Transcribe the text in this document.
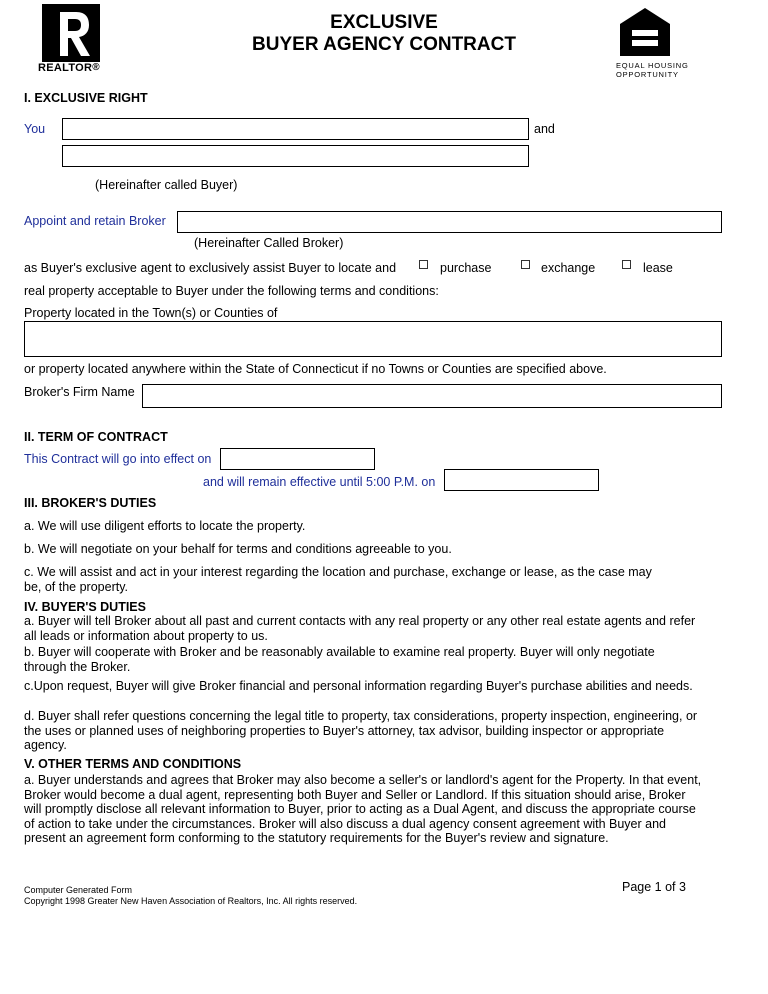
REALTOR®
EXCLUSIVE
BUYER AGENCY CONTRACT
EQUAL HOUSING
OPPORTUNITY
I. EXCLUSIVE RIGHT
You	and
(Hereinafter called Buyer)
Appoint and retain Broker
(Hereinafter Called Broker)
as Buyer's exclusive agent to exclusively assist Buyer to locate and	purchase	exchange	lease
real property acceptable to Buyer under the following terms and conditions:
Property located in the Town(s) or Counties of
or property located anywhere within the State of Connecticut if no Towns or Counties are specified above.
Broker's Firm Name
II. TERM OF CONTRACT
This Contract will go into effect on
and will remain effective until 5:00 P.M. on
III. BROKER'S DUTIES
a. We will use diligent efforts to locate the property.
b. We will negotiate on your behalf for terms and conditions agreeable to you.
c. We will assist and act in your interest regarding the location and purchase, exchange or lease, as the case may be, of the property.
IV. BUYER'S DUTIES
a. Buyer will tell Broker about all past and current contacts with any real property or any other real estate agents and refer all leads or information about property to us.
b. Buyer will cooperate with Broker and be reasonably available to examine real property. Buyer will only negotiate through the Broker.
c.Upon request, Buyer will give Broker financial and personal information regarding Buyer's purchase abilities and needs.
d. Buyer shall refer questions concerning the legal title to property, tax considerations, property inspection, engineering, or the uses or planned uses of neighboring properties to Buyer's attorney, tax advisor, building inspector or appropriate agency.
V. OTHER TERMS AND CONDITIONS
a. Buyer understands and agrees that Broker may also become a seller's or landlord's agent for the Property. In that event, Broker would become a dual agent, representing both Buyer and Seller or Landlord. If this situation should arise, Broker will promptly disclose all relevant information to Buyer, prior to acting as a Dual Agent, and discuss the appropriate course of action to take under the circumstances. Broker will also discuss a dual agency consent agreement with Buyer and present an agreement form conforming to the statutory requirements for the Buyer's review and signature.
Computer Generated Form
Copyright 1998 Greater New Haven Association of Realtors, Inc. All rights reserved.
Page 1 of 3
